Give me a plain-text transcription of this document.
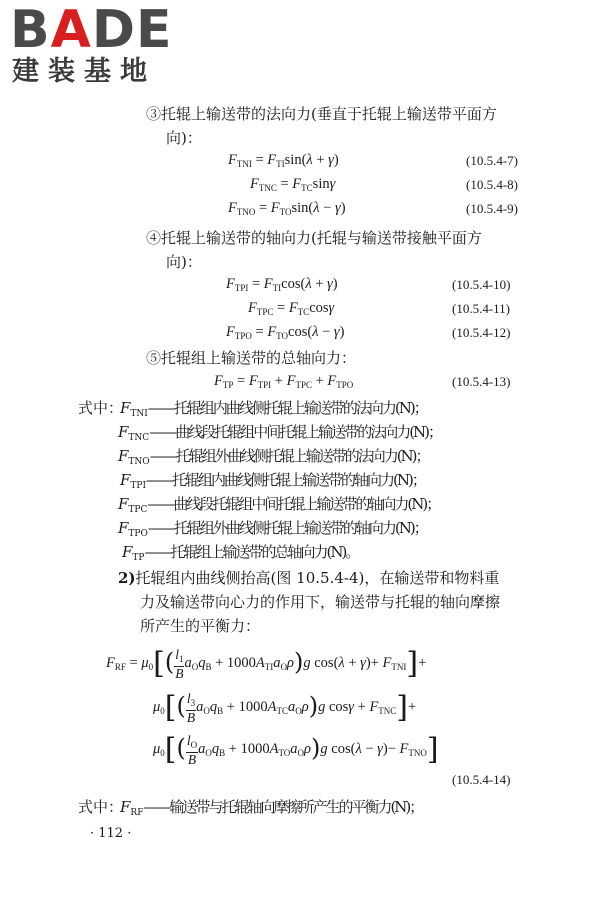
BADE
建装基地
③托辊上输送带的法向力(垂直于托辊上输送带平面方
向)：
$F_{TNI} = F_{TI}\sin(\lambda + \gamma)$	(10.5.4-7)
$F_{TNC} = F_{TC}\sin\gamma$	(10.5.4-8)
$F_{TNO} = F_{TO}\sin(\lambda - \gamma)$	(10.5.4-9)
④托辊上输送带的轴向力(托辊与输送带接触平面方
向)：
$F_{TPI} = F_{TI}\cos(\lambda + \gamma)$	(10.5.4-10)
$F_{TPC} = F_{TC}\cos\gamma$	(10.5.4-11)
$F_{TPO} = F_{TO}\cos(\lambda - \gamma)$	(10.5.4-12)
⑤托辊组上输送带的总轴向力：
$F_{TP} = F_{TPI} + F_{TPC} + F_{TPO}$	(10.5.4-13)
式中：
$F_{TNI}——$托辊组内曲线侧托辊上输送带的法向力(N)；
$F_{TNC}——$曲线段托辊组中间托辊上输送带的法向力(N)；
$F_{TNO}——$托辊组外曲线侧托辊上输送带的法向力(N)；
$F_{TPI}——$托辊组内曲线侧托辊上输送带的轴向力(N)；
$F_{TPC}——$曲线段托辊组中间托辊上输送带的轴向力(N)；
$F_{TPO}——$托辊组外曲线侧托辊上输送带的轴向力(N)；
$F_{TP}——$托辊组上输送带的总轴向力(N)。
2)托辊组内曲线侧抬高(图 10.5.4-4)，在输送带和物料重
力及输送带向心力的作用下，输送带与托辊的轴向摩擦
所产生的平衡力：
$F_{RF} = \mu_0[( \frac{l_1}{B} a_Oq_B + 1000A_{TI}a_O\rho)g$ $\cos(\lambda + \gamma)+ F_{TNI}]+$
$\mu_0[( \frac{l_3}{B} a_Oq_B + 1000A_{TC}a_O\rho)g$ $\cos\gamma + F_{TNC}]+$
$\mu_0[( \frac{l_O}{B} a_Oq_B + 1000A_{TO}a_O\rho)g$ $\cos(\lambda - \gamma)- F_{TNO}$]
(10.5.4-14)
式中：
$F_{RF}——$输送带与托辊轴向摩擦所产生的平衡力(N)；
· 112 ·
